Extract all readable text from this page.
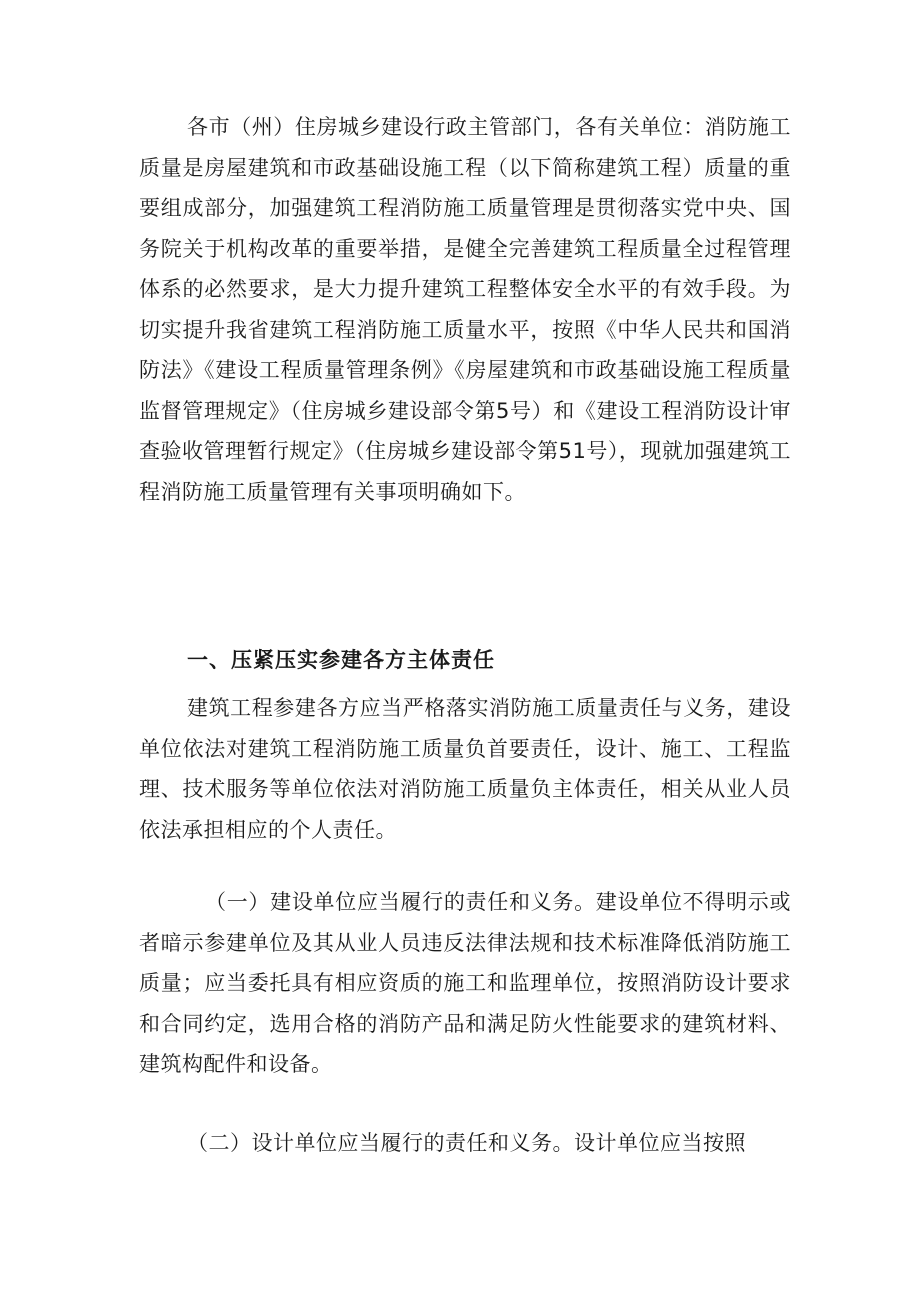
各市（州）住房城乡建设行政主管部门，各有关单位：消防施工质量是房屋建筑和市政基础设施工程（以下简称建筑工程）质量的重要组成部分，加强建筑工程消防施工质量管理是贯彻落实党中央、国务院关于机构改革的重要举措，是健全完善建筑工程质量全过程管理体系的必然要求，是大力提升建筑工程整体安全水平的有效手段。为切实提升我省建筑工程消防施工质量水平，按照《中华人民共和国消防法》《建设工程质量管理条例》《房屋建筑和市政基础设施工程质量监督管理规定》（住房城乡建设部令第5号）和《建设工程消防设计审查验收管理暂行规定》（住房城乡建设部令第51号），现就加强建筑工程消防施工质量管理有关事项明确如下。

一、压紧压实参建各方主体责任

建筑工程参建各方应当严格落实消防施工质量责任与义务，建设单位依法对建筑工程消防施工质量负首要责任，设计、施工、工程监理、技术服务等单位依法对消防施工质量负主体责任，相关从业人员依法承担相应的个人责任。

（一）建设单位应当履行的责任和义务。建设单位不得明示或者暗示参建单位及其从业人员违反法律法规和技术标准降低消防施工质量；应当委托具有相应资质的施工和监理单位，按照消防设计要求和合同约定，选用合格的消防产品和满足防火性能要求的建筑材料、建筑构配件和设备。

（二）设计单位应当履行的责任和义务。设计单位应当按照
